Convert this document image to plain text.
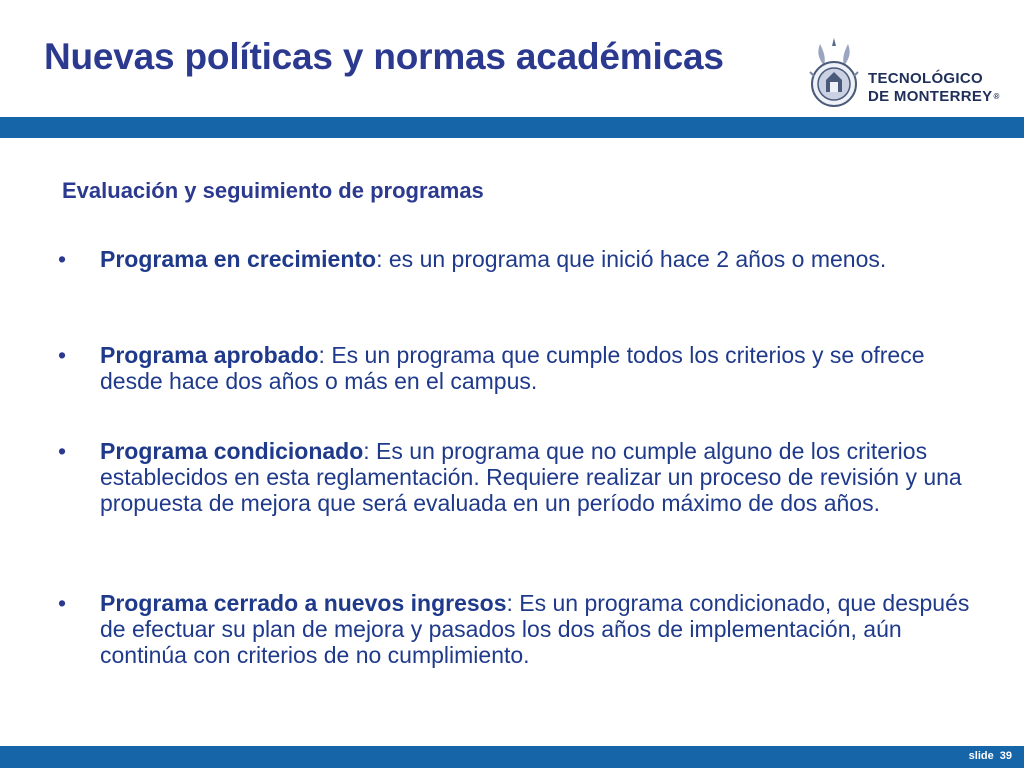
Nuevas políticas y normas académicas
TECNOLÓGICO
DE MONTERREY®
Evaluación y seguimiento de programas
• Programa en crecimiento: es un programa que inició hace 2 años o menos.
• Programa aprobado: Es un programa que cumple todos los criterios y se ofrece desde hace dos años o más en el campus.
• Programa condicionado: Es un programa que no cumple alguno de los criterios establecidos en esta reglamentación. Requiere realizar un proceso de revisión y una propuesta de mejora que será evaluada en un período máximo de dos años.
• Programa cerrado a nuevos ingresos: Es un programa condicionado, que después de efectuar su plan de mejora y pasados los dos años de implementación, aún continúa con criterios de no cumplimiento.
slide 39
